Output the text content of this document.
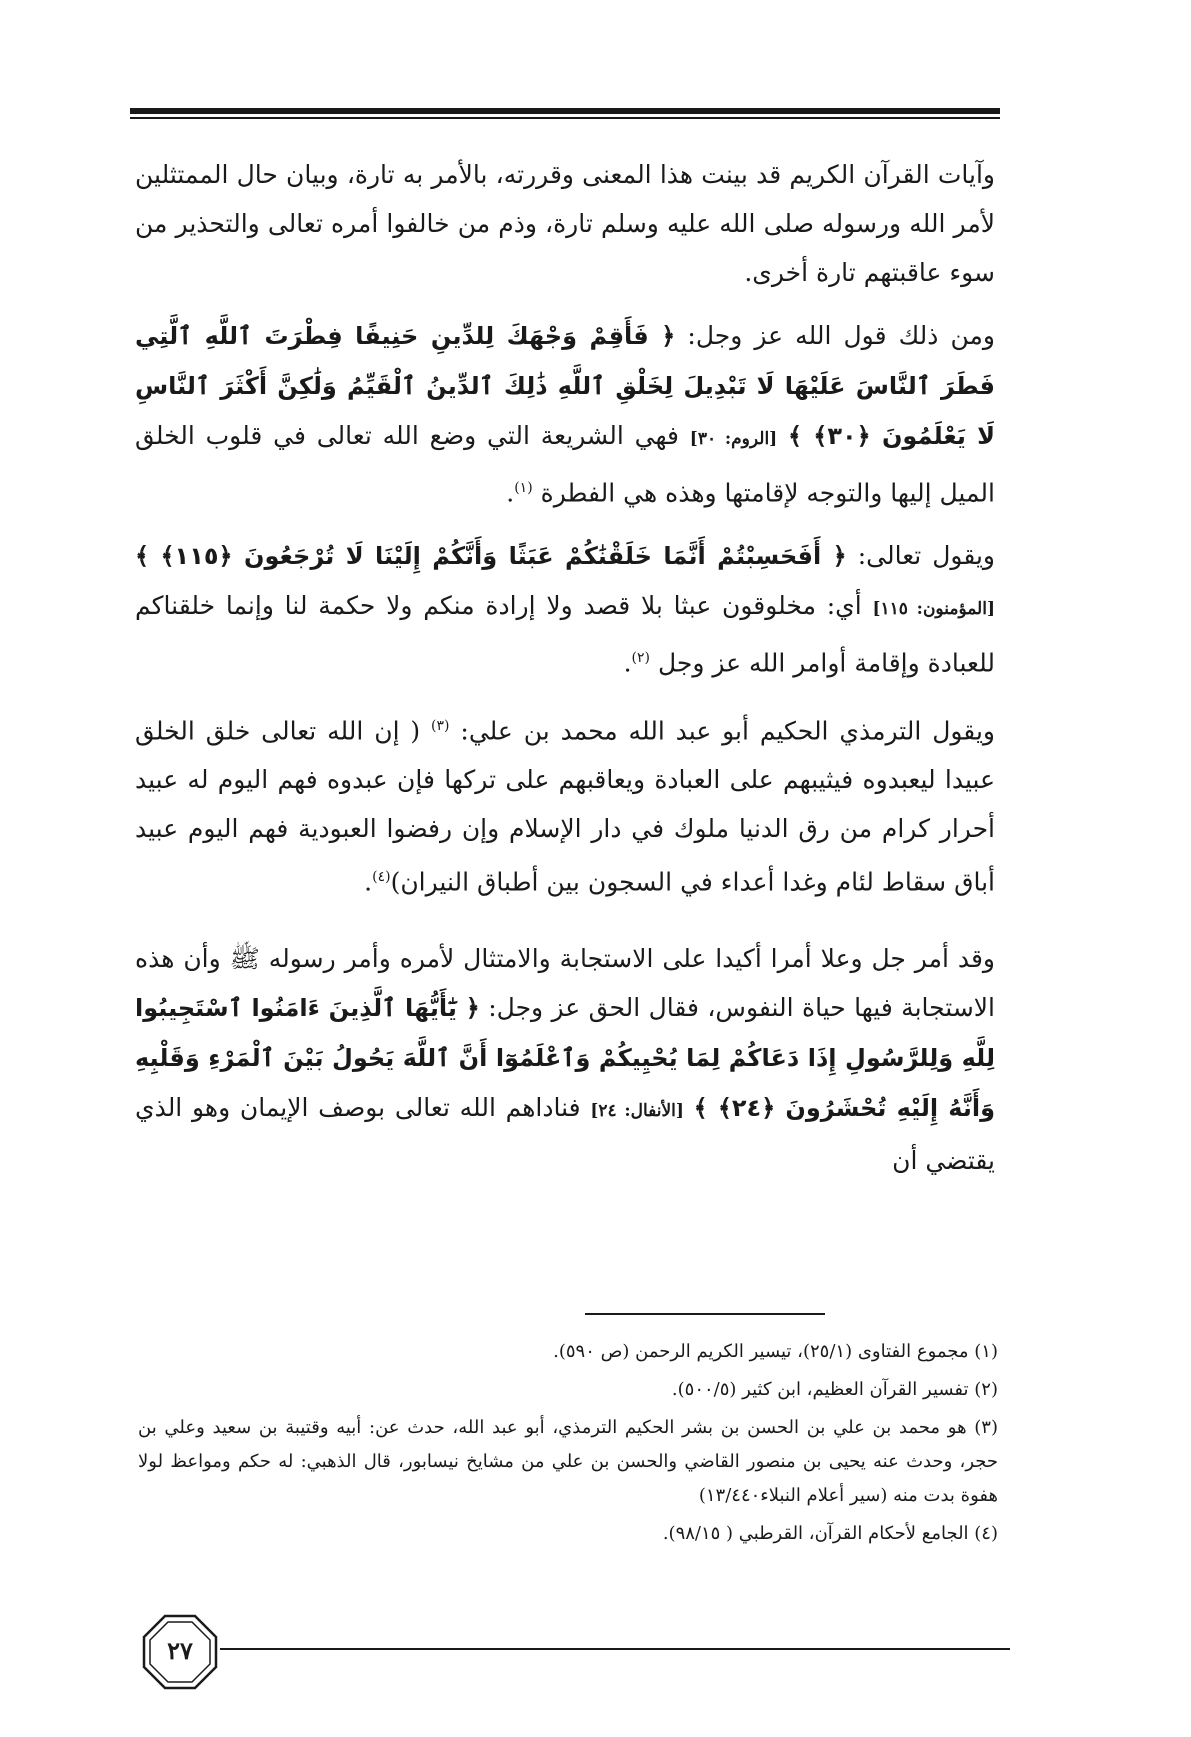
وآيات القرآن الكريم قد بينت هذا المعنى وقررته، بالأمر به تارة، وبيان حال الممتثلين لأمر الله ورسوله صلى الله عليه وسلم تارة، وذم من خالفوا أمره تعالى والتحذير من سوء عاقبتهم تارة أخرى.

ومن ذلك قول الله عز وجل: ﴿ فَأَقِمْ وَجْهَكَ لِلدِّينِ حَنِيفًا فِطْرَتَ ٱللَّهِ ٱلَّتِي فَطَرَ ٱلنَّاسَ عَلَيْهَا لَا تَبْدِيلَ لِخَلْقِ ٱللَّهِ ذَٰلِكَ ٱلدِّينُ ٱلْقَيِّمُ وَلَٰكِنَّ أَكْثَرَ ٱلنَّاسِ لَا يَعْلَمُونَ ﴿٣٠﴾ ﴾ [الروم: ٣٠] فهي الشريعة التي وضع الله تعالى في قلوب الخلق الميل إليها والتوجه لإقامتها وهذه هي الفطرة $^{(١)}$.

ويقول تعالى: ﴿ أَفَحَسِبْتُمْ أَنَّمَا خَلَقْنَٰكُمْ عَبَثًا وَأَنَّكُمْ إِلَيْنَا لَا تُرْجَعُونَ ﴿١١٥﴾ ﴾ [المؤمنون: ١١٥] أي: مخلوقون عبثا بلا قصد ولا إرادة منكم ولا حكمة لنا وإنما خلقناكم للعبادة وإقامة أوامر الله عز وجل $^{(٢)}$.

ويقول الترمذي الحكيم أبو عبد الله محمد بن علي: $^{(٣)}$ ( إن الله تعالى خلق الخلق عبيدا ليعبدوه فيثيبهم على العبادة ويعاقبهم على تركها فإن عبدوه فهم اليوم له عبيد أحرار كرام من رق الدنيا ملوك في دار الإسلام وإن رفضوا العبودية فهم اليوم عبيد أباق سقاط لئام وغدا أعداء في السجون بين أطباق النيران)$^{(٤)}$.

وقد أمر جل وعلا أمرا أكيدا على الاستجابة والامتثال لأمره وأمر رسوله ﷺ وأن هذه الاستجابة فيها حياة النفوس، فقال الحق عز وجل: ﴿ يَٰٓأَيُّهَا ٱلَّذِينَ ءَامَنُوا ٱسْتَجِيبُوا لِلَّهِ وَلِلرَّسُولِ إِذَا دَعَاكُمْ لِمَا يُحْيِيكُمْ وَٱعْلَمُوٓا أَنَّ ٱللَّهَ يَحُولُ بَيْنَ ٱلْمَرْءِ وَقَلْبِهِ وَأَنَّهُ إِلَيْهِ تُحْشَرُونَ ﴿٢٤﴾ ﴾ [الأنفال: ٢٤] فناداهم الله تعالى بوصف الإيمان وهو الذي يقتضي أن

(١) مجموع الفتاوى (٢٥/١)، تيسير الكريم الرحمن (ص ٥٩٠).

(٢) تفسير القرآن العظيم، ابن كثير (٥٠٠/٥).

(٣) هو محمد بن علي بن الحسن بن بشر الحكيم الترمذي، أبو عبد الله، حدث عن: أبيه وقتيبة بن سعيد وعلي بن حجر، وحدث عنه يحيى بن منصور القاضي والحسن بن علي من مشايخ نيسابور، قال الذهبي: له حكم ومواعظ لولا هفوة بدت منه (سير أعلام النبلاء١٣/٤٤٠)

(٤) الجامع لأحكام القرآن، القرطبي ( ٩٨/١٥).

٢٧
